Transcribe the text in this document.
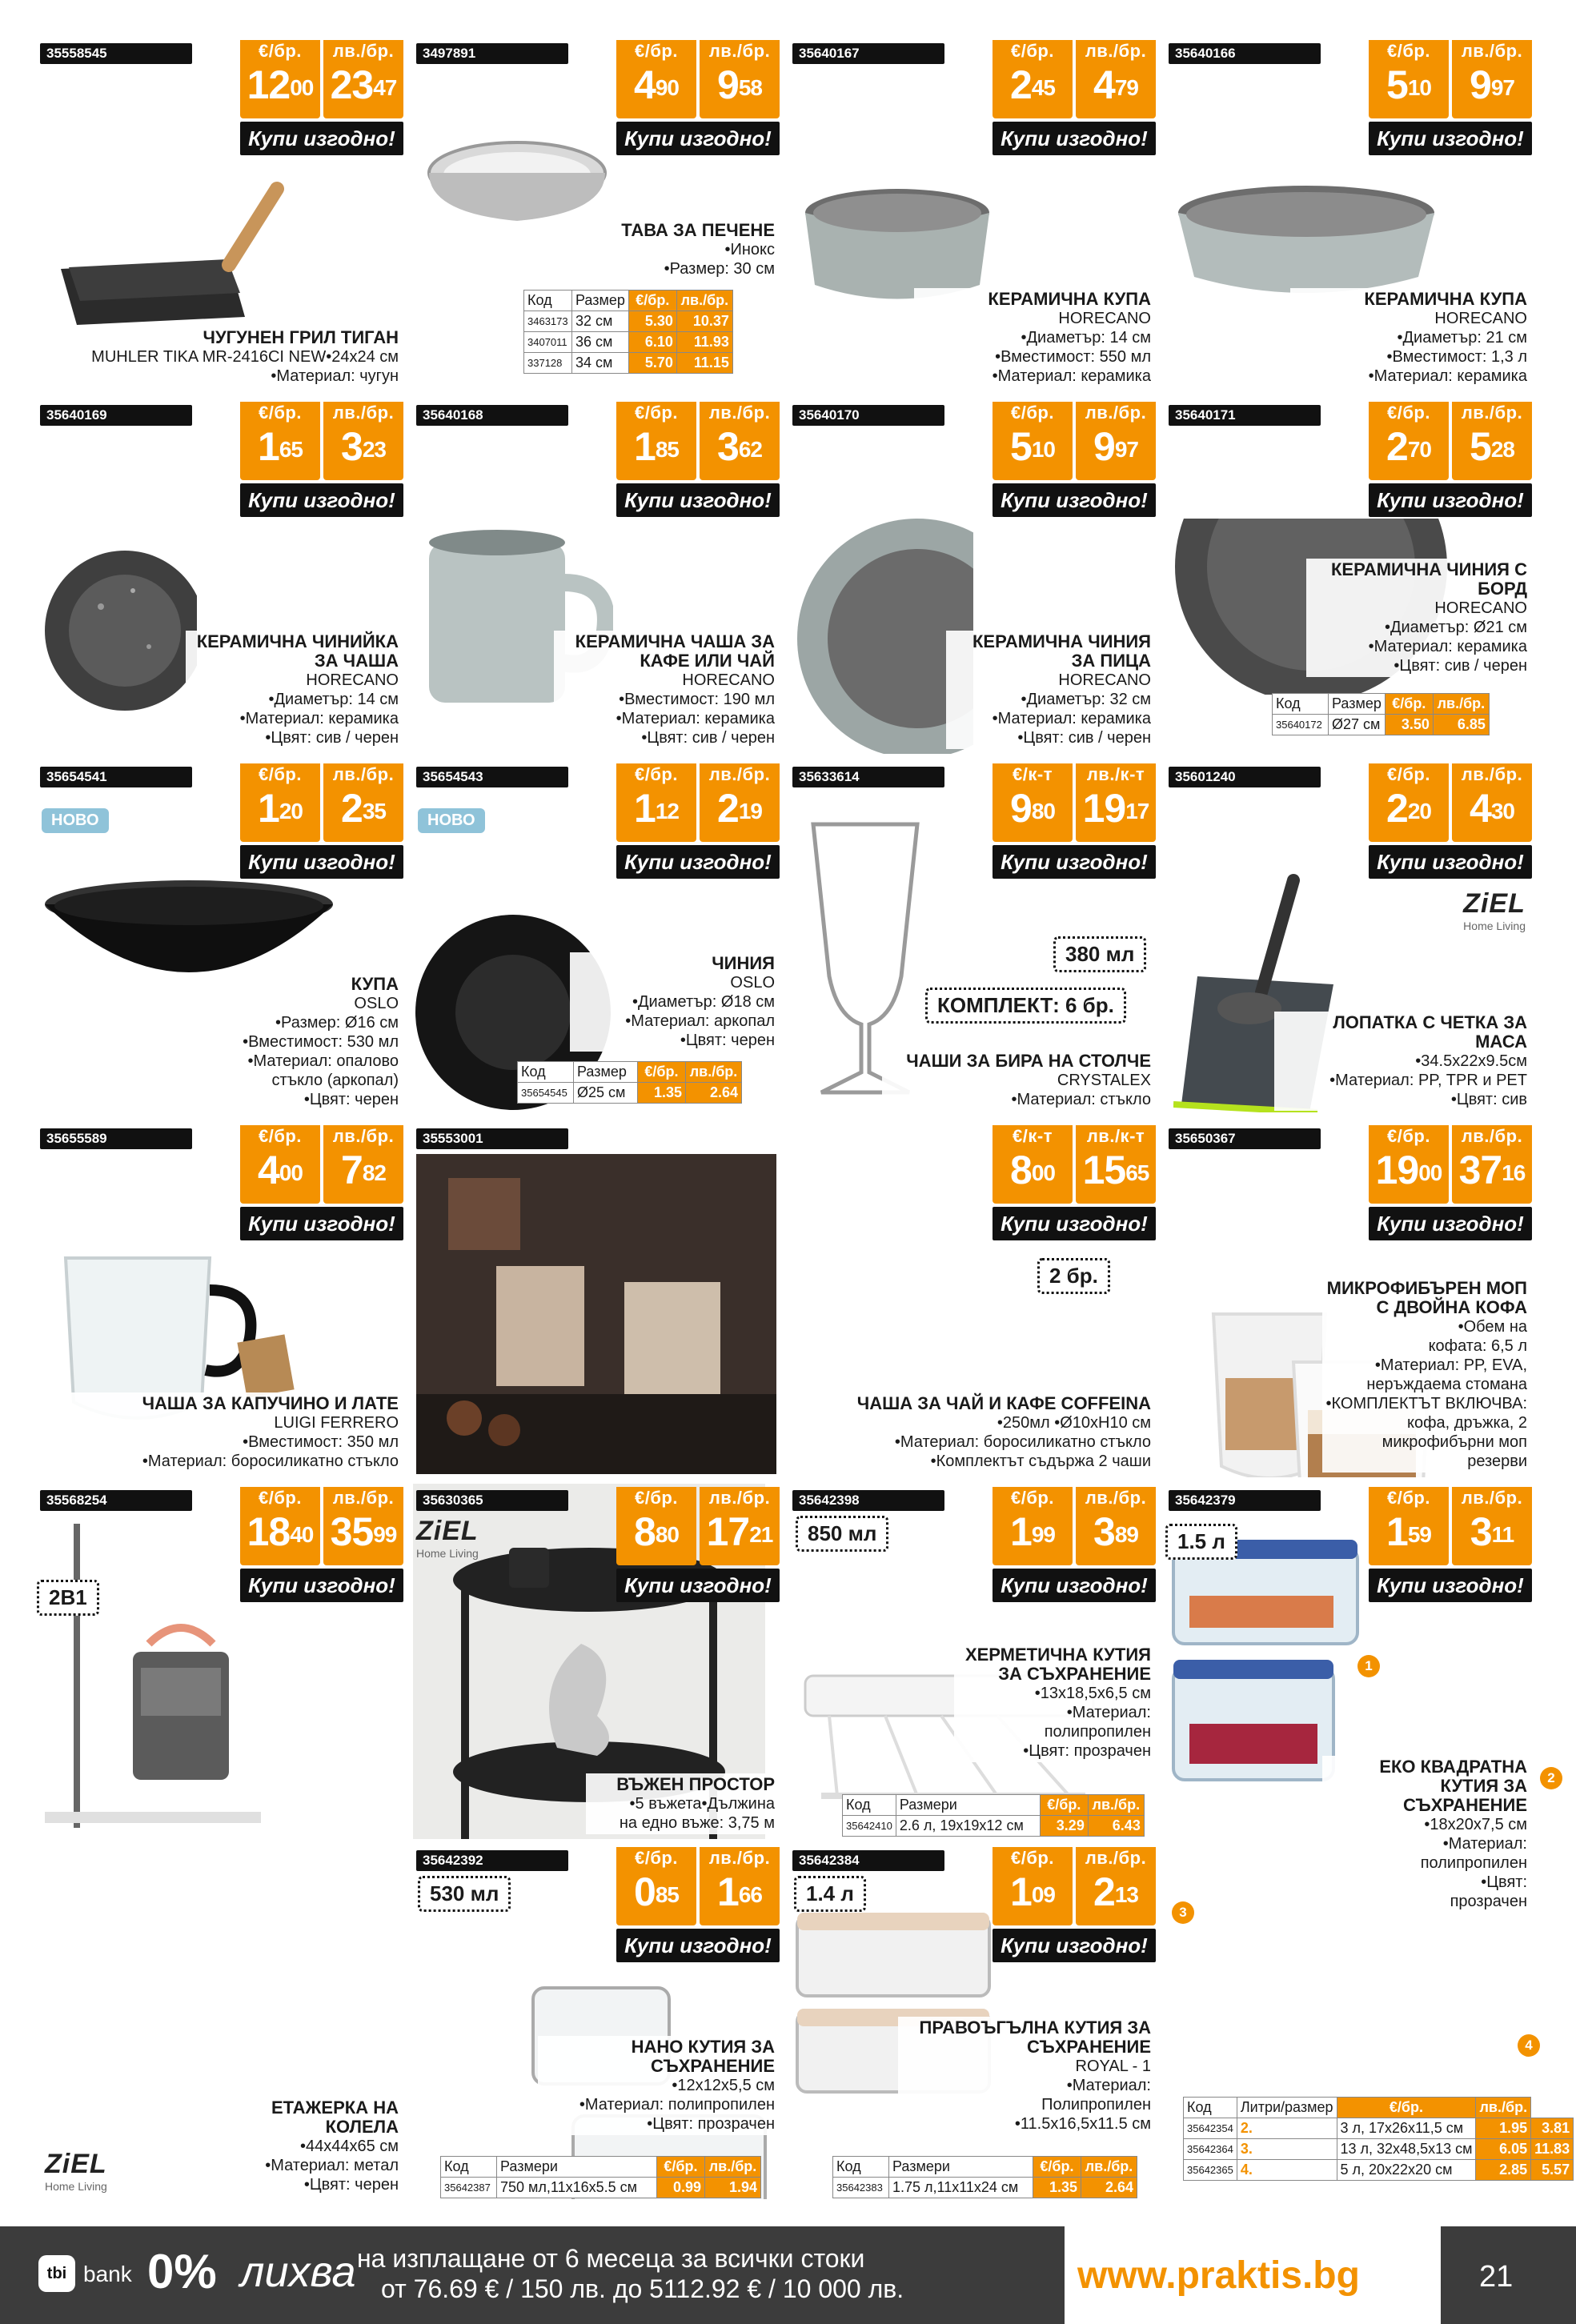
35558545	€/бр.
$12^{00}$
лв./бр.
$23^{47}$
Купи изгодно!
ЧУГУНЕН ГРИЛ ТИГАН
MUHLER TIKA MR-2416CI NEW•24x24 см
•Материал: чугун
3497891	€/бр.
$4^{90}$
лв./бр.
$9^{58}$
Купи изгодно!
ТАВА ЗА ПЕЧЕНЕ
•Инокс
•Размер: 30 см
35640167	€/бр.
$2^{45}$
лв./бр.
$4^{79}$
Купи изгодно!
КЕРАМИЧНА КУПА
HORECANO
•Диаметър: 14 см
•Вместимост: 550 мл
•Материал: керамика
35640166	€/бр.
$5^{10}$
лв./бр.
$9^{97}$
Купи изгодно!
КЕРАМИЧНА КУПА
HORECANO
•Диаметър: 21 см
•Вместимост: 1,3 л
•Материал: керамика
35640169	€/бр.
$1^{65}$
лв./бр.
$3^{23}$
Купи изгодно!
КЕРАМИЧНА ЧИНИЙКА ЗА ЧАША
HORECANO
•Диаметър: 14 см
•Материал: керамика
•Цвят: сив / черен
35640168	€/бр.
$1^{85}$
лв./бр.
$3^{62}$
Купи изгодно!
КЕРАМИЧНА ЧАША ЗА КАФЕ ИЛИ ЧАЙ
HORECANO
•Вместимост: 190 мл
•Материал: керамика
•Цвят: сив / черен
35640170	€/бр.
$5^{10}$
лв./бр.
$9^{97}$
Купи изгодно!
КЕРАМИЧНА ЧИНИЯ ЗА ПИЦА
HORECANO
•Диаметър: 32 см
•Материал: керамика
•Цвят: сив / черен
35640171	€/бр.
$2^{70}$
лв./бр.
$5^{28}$
Купи изгодно!
КЕРАМИЧНА ЧИНИЯ С БОРД
HORECANO
•Диаметър: Ø21 см
•Материал: керамика
•Цвят: сив / черен
35654541	€/бр.
$1^{20}$
лв./бр.
$2^{35}$
Купи изгодно!
НОВО
КУПА
OSLO
•Размер: Ø16 см
•Вместимост: 530 мл
•Материал: опалово
стъкло (аркопал)
•Цвят: черен
35654543	€/бр.
$1^{12}$
лв./бр.
$2^{19}$
Купи изгодно!
НОВО
ЧИНИЯ
OSLO
•Диаметър: Ø18 см
•Материал: аркопал
•Цвят: черен
35633614	€/к-т
$9^{80}$
лв./к-т
$19^{17}$
Купи изгодно!
380 мл
КОМПЛЕКТ: 6 бр.
ЧАШИ ЗА БИРА НА СТОЛЧЕ
CRYSTALEX
•Материал: стъкло
35601240	€/бр.
$2^{20}$
лв./бр.
$4^{30}$
Купи изгодно!
ZiEL
Home Living
ЛОПАТКА С ЧЕТКА ЗА МАСА
•34.5x22x9.5см
•Материал: PP, TPR и PET
•Цвят: сив
35655589	€/бр.
$4^{00}$
лв./бр.
$7^{82}$
Купи изгодно!
ЧАША ЗА КАПУЧИНО И ЛАТЕ
LUIGI FERRERO
•Вместимост: 350 мл
•Материал: боросиликатно стъкло
35553001	€/к-т
$8^{00}$
лв./к-т
$15^{65}$
Купи изгодно!
2 бр.
ЧАША ЗА ЧАЙ И КАФЕ COFFEINA
•250мл •Ø10xH10 см
•Материал: боросиликатно стъкло
•Комплектът съдържа 2 чаши
35650367	€/бр.
$19^{00}$
лв./бр.
$37^{16}$
Купи изгодно!
МИКРОФИБЪРЕН МОП С ДВОЙНА КОФА
•Обем на
кофата: 6,5 л
•Материал: PP, EVA,
неръждаема стомана
•КОМПЛЕКТЪТ ВКЛЮЧВА:
кофа, дръжка, 2
микрофибърни моп
резерви
35568254	€/бр.
$18^{40}$
лв./бр.
$35^{99}$
Купи изгодно!
ZiEL
Home Living
2В1
ЕТАЖЕРКА НА КОЛЕЛА
•44x44x65 см
•Материал: метал
•Цвят: черен
35630365	€/бр.
$8^{80}$
лв./бр.
$17^{21}$
Купи изгодно!
ZiEL
Home Living
ВЪЖЕН ПРОСТОР
•5 въжета•Дължина
на едно въже: 3,75 м
35642398	€/бр.
$1^{99}$
лв./бр.
$3^{89}$
Купи изгодно!
850 мл
ХЕРМЕТИЧНА КУТИЯ ЗА СЪХРАНЕНИЕ
•13x18,5x6,5 см
•Материал:
полипропилен
•Цвят: прозрачен
35642379	€/бр.
$1^{59}$
лв./бр.
$3^{11}$
Купи изгодно!
1.5 л
ЕКО КВАДРАТНА КУТИЯ ЗА СЪХРАНЕНИЕ
•18x20x7,5 см
•Материал:
полипропилен
•Цвят:
прозрачен
35642392	€/бр.
$0^{85}$
лв./бр.
$1^{66}$
Купи изгодно!
530 мл
НАНО КУТИЯ ЗА СЪХРАНЕНИЕ
•12x12x5,5 см
•Материал: полипропилен
•Цвят: прозрачен
35642384	€/бр.
$1^{09}$
лв./бр.
$2^{13}$
Купи изгодно!
1.4 л
ПРАВОЪГЪЛНА КУТИЯ ЗА СЪХРАНЕНИЕ
ROYAL - 1
•Материал:
Полипропилен
•11.5x16,5x11.5 см
Код	Размер	€/бр.	лв./бр.
3463173	32 см	5.30	10.37
3407011	36 см	6.10	11.93
337128	34 см	5.70	11.15
Код	Размер	€/бр.	лв./бр.
35640172	Ø27 см	3.50	6.85
Код	Размер	€/бр.	лв./бр.
35654545	Ø25 см	1.35	2.64
Код	Размери	€/бр.	лв./бр.
35642410	2.6 л, 19x19x12 см	3.29	6.43
Код	Размери	€/бр.	лв./бр.
35642387	750 мл,11x16x5.5 см	0.99	1.94
Код	Размери	€/бр.	лв./бр.
35642383	1.75 л,11x11x24 см	1.35	2.64
Код	Литри/размер	€/бр.	лв./бр.	
35642354	2.	3 л, 17x26x11,5 см	1.95	3.81
35642364	3.	13 л, 32x48,5x13 см	6.05	11.83
35642365	4.	5 л, 20x22x20 см	2.85	5.57
1
2
3
4
tbi bank 0% лихва на изплащане от 6 месеца за всички стоки
от 76.69 € / 150 лв. до 5112.92 € / 10 000 лв.	www.praktis.bg	21
